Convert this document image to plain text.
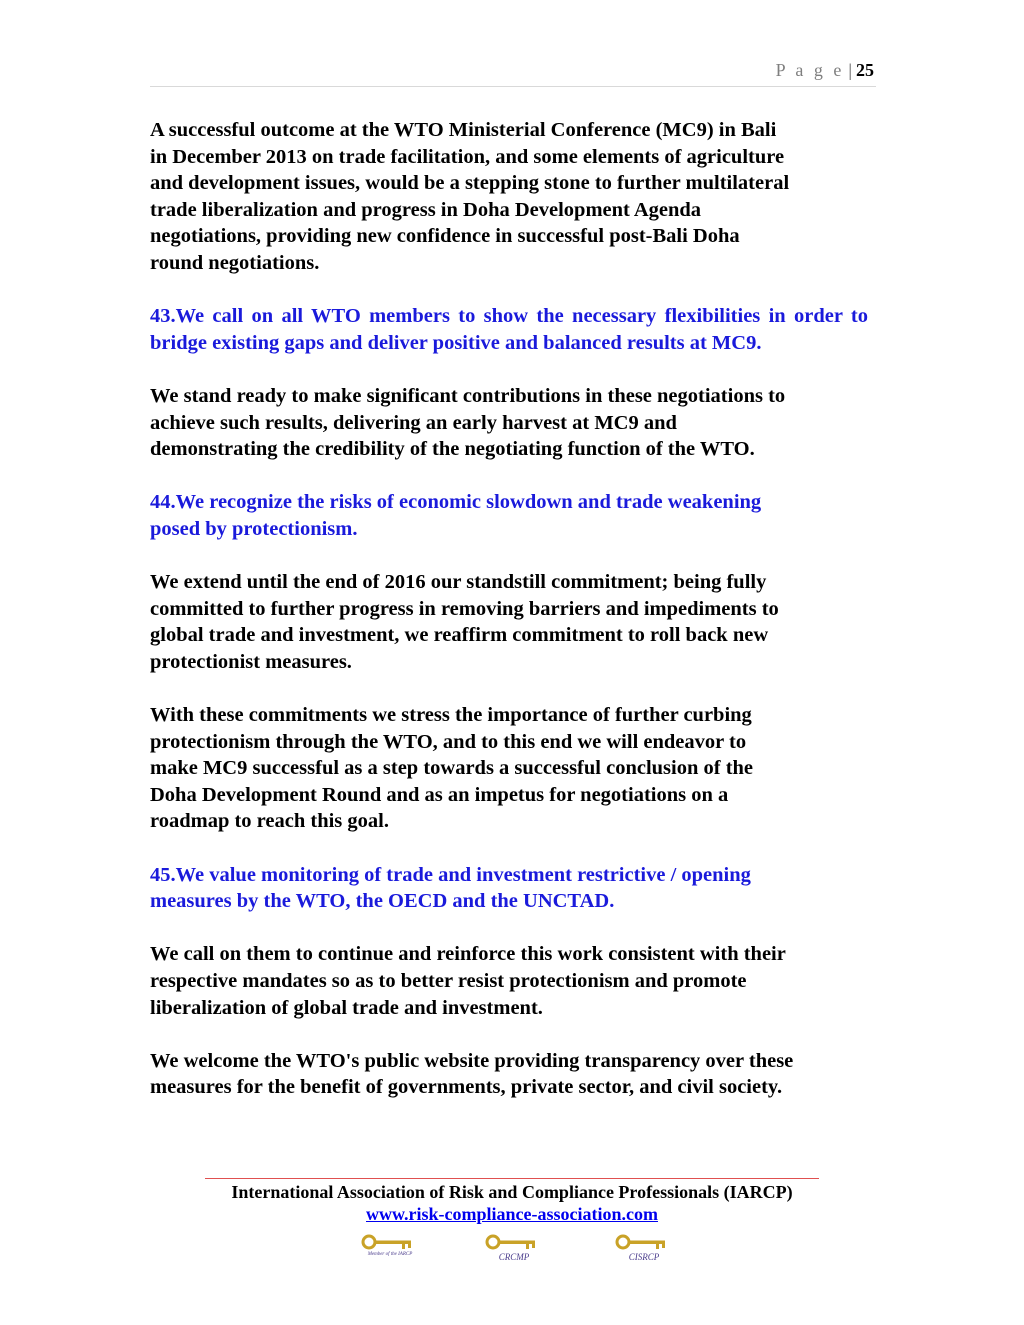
P a g e | 25

A successful outcome at the WTO Ministerial Conference (MC9) in Bali
in December 2013 on trade facilitation, and some elements of agriculture
and development issues, would be a stepping stone to further multilateral
trade liberalization and progress in Doha Development Agenda
negotiations, providing new confidence in successful post-Bali Doha
round negotiations.

43.We call on all WTO members to show the necessary flexibilities in order to bridge existing gaps and deliver positive and balanced results at MC9.

We stand ready to make significant contributions in these negotiations to
achieve such results, delivering an early harvest at MC9 and
demonstrating the credibility of the negotiating function of the WTO.

44.We recognize the risks of economic slowdown and trade weakening
posed by protectionism.

We extend until the end of 2016 our standstill commitment; being fully
committed to further progress in removing barriers and impediments to
global trade and investment, we reaffirm commitment to roll back new
protectionist measures.

With these commitments we stress the importance of further curbing
protectionism through the WTO, and to this end we will endeavor to
make MC9 successful as a step towards a successful conclusion of the
Doha Development Round and as an impetus for negotiations on a
roadmap to reach this goal.

45.We value monitoring of trade and investment restrictive / opening
measures by the WTO, the OECD and the UNCTAD.

We call on them to continue and reinforce this work consistent with their
respective mandates so as to better resist protectionism and promote
liberalization of global trade and investment.

We welcome the WTO's public website providing transparency over these
measures for the benefit of governments, private sector, and civil society.

International Association of Risk and Compliance Professionals (IARCP)
www.risk-compliance-association.com
Member of the IARCP	CRCMP	CISRCP
